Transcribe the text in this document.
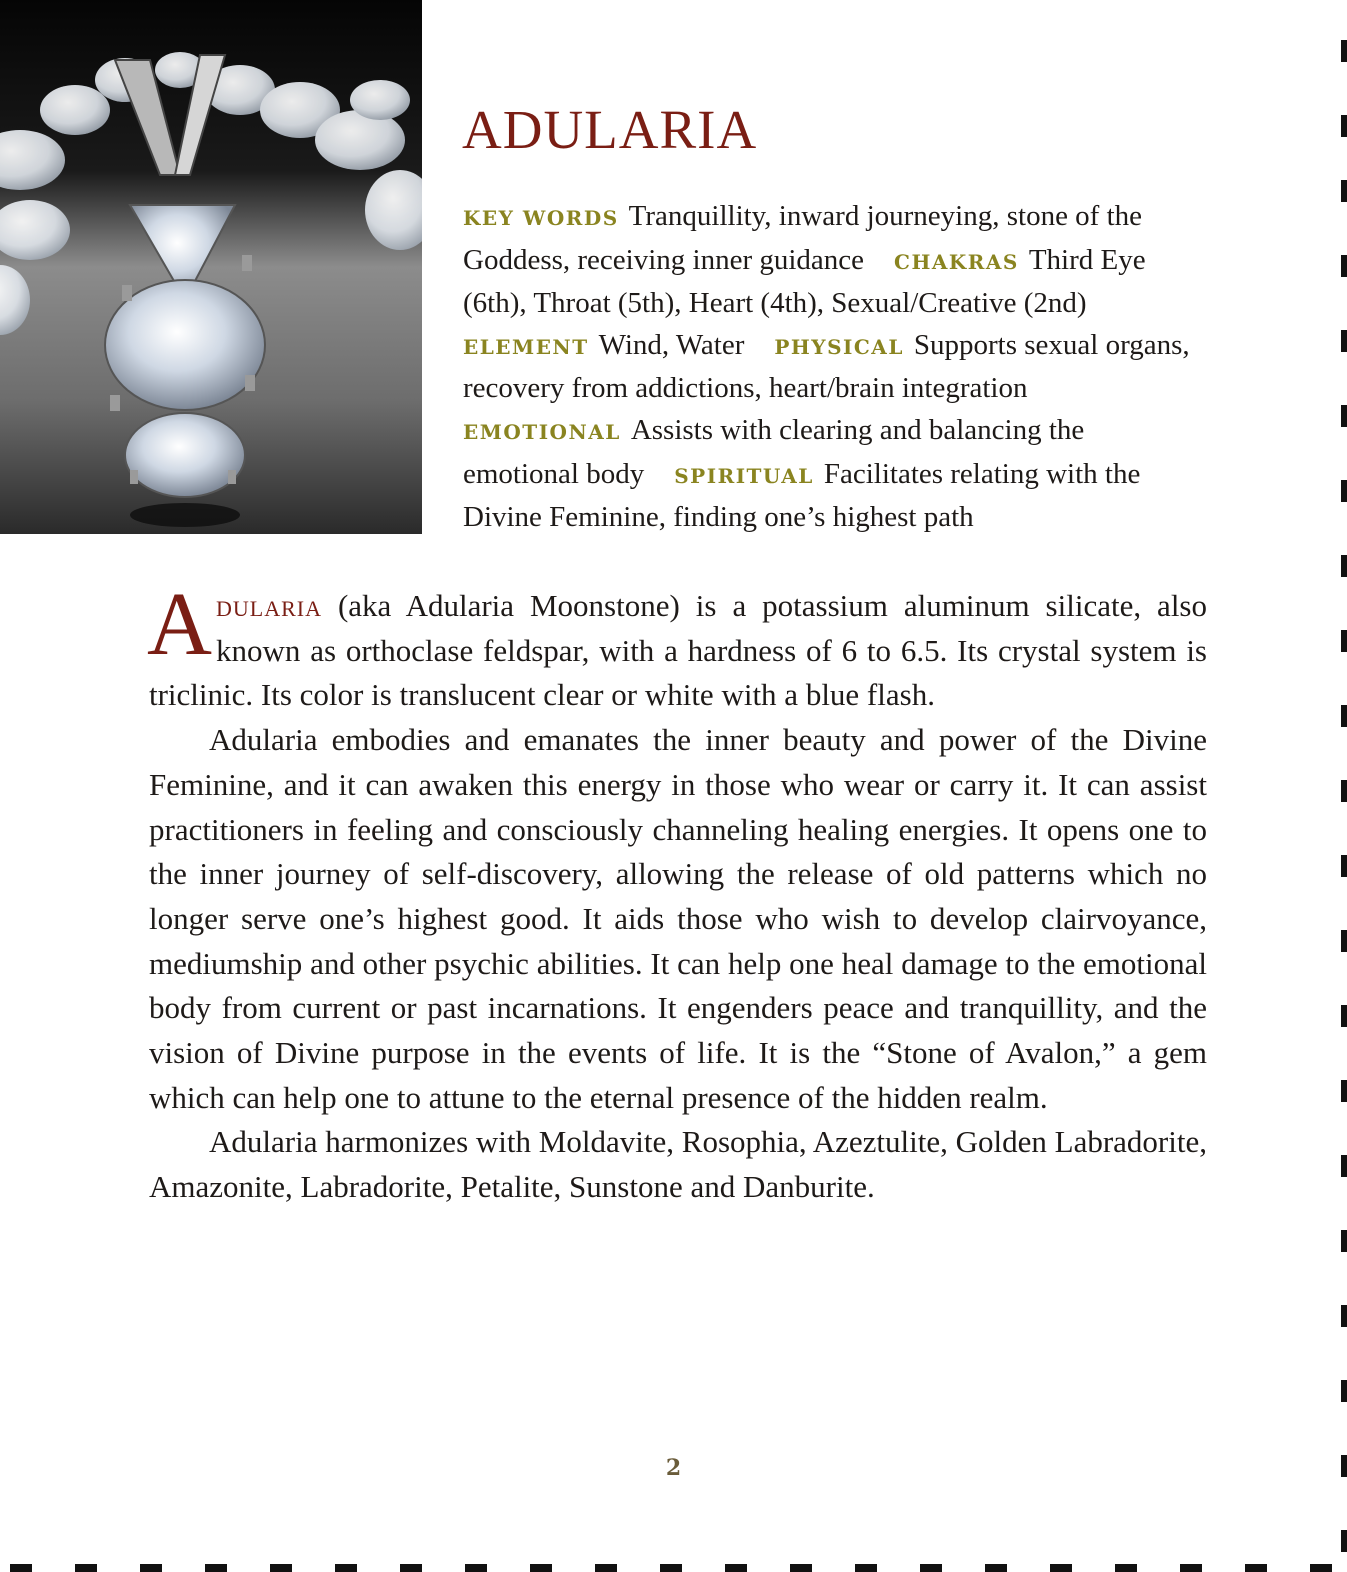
ADULARIA
KEY WORDS Tranquillity, inward journeying, stone of the Goddess, receiving inner guidance CHAKRAS Third Eye (6th), Throat (5th), Heart (4th), Sexual/Creative (2nd)
ELEMENT Wind, Water PHYSICAL Supports sexual organs, recovery from addictions, heart/brain integration
EMOTIONAL Assists with clearing and balancing the emotional body SPIRITUAL Facilitates relating with the Divine Feminine, finding one’s highest path

Adularia (aka Adularia Moonstone) is a potassium aluminum silicate, also known as orthoclase feldspar, with a hardness of 6 to 6.5. Its crystal system is triclinic. Its color is translucent clear or white with a blue flash.

Adularia embodies and emanates the inner beauty and power of the Divine Feminine, and it can awaken this energy in those who wear or carry it. It can assist practitioners in feeling and consciously channeling healing energies. It opens one to the inner journey of self-discovery, allowing the release of old patterns which no longer serve one’s highest good. It aids those who wish to develop clairvoyance, mediumship and other psychic abilities. It can help one heal damage to the emotional body from current or past incarnations. It engenders peace and tranquillity, and the vision of Divine purpose in the events of life. It is the “Stone of Avalon,” a gem which can help one to attune to the eternal presence of the hidden realm.

Adularia harmonizes with Moldavite, Rosophia, Azeztulite, Golden Labradorite, Amazonite, Labradorite, Petalite, Sunstone and Danburite.

2
